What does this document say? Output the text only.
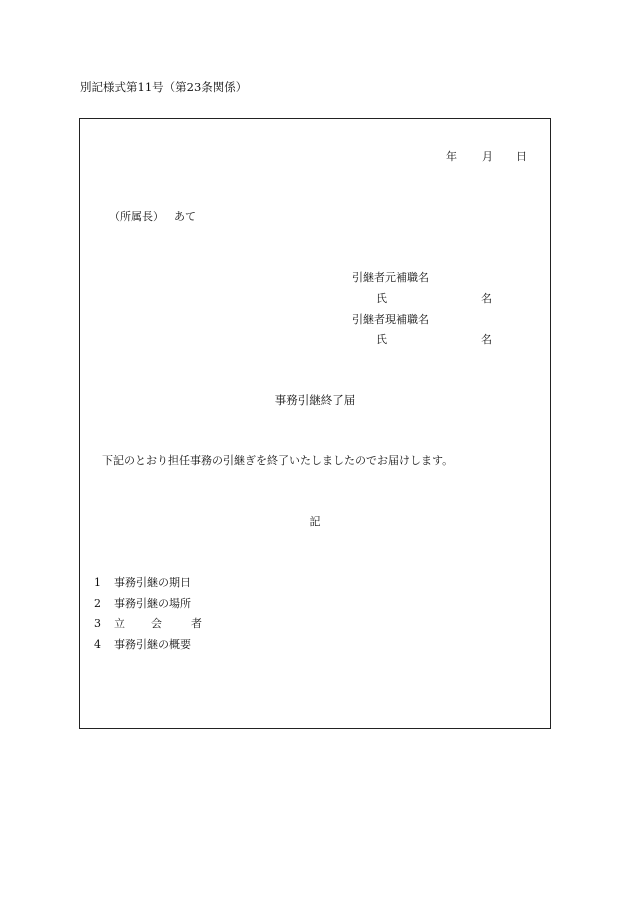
別記様式第11号（第23条関係）
年 月 日
（所属長） あて
引継者元補職名
氏	名
引継者現補職名
氏	名
事務引継終了届
下記のとおり担任事務の引継ぎを終了いたしましたのでお届けします。
記
1 事務引継の期日
2 事務引継の場所
3 立 会	者
4 事務引継の概要
